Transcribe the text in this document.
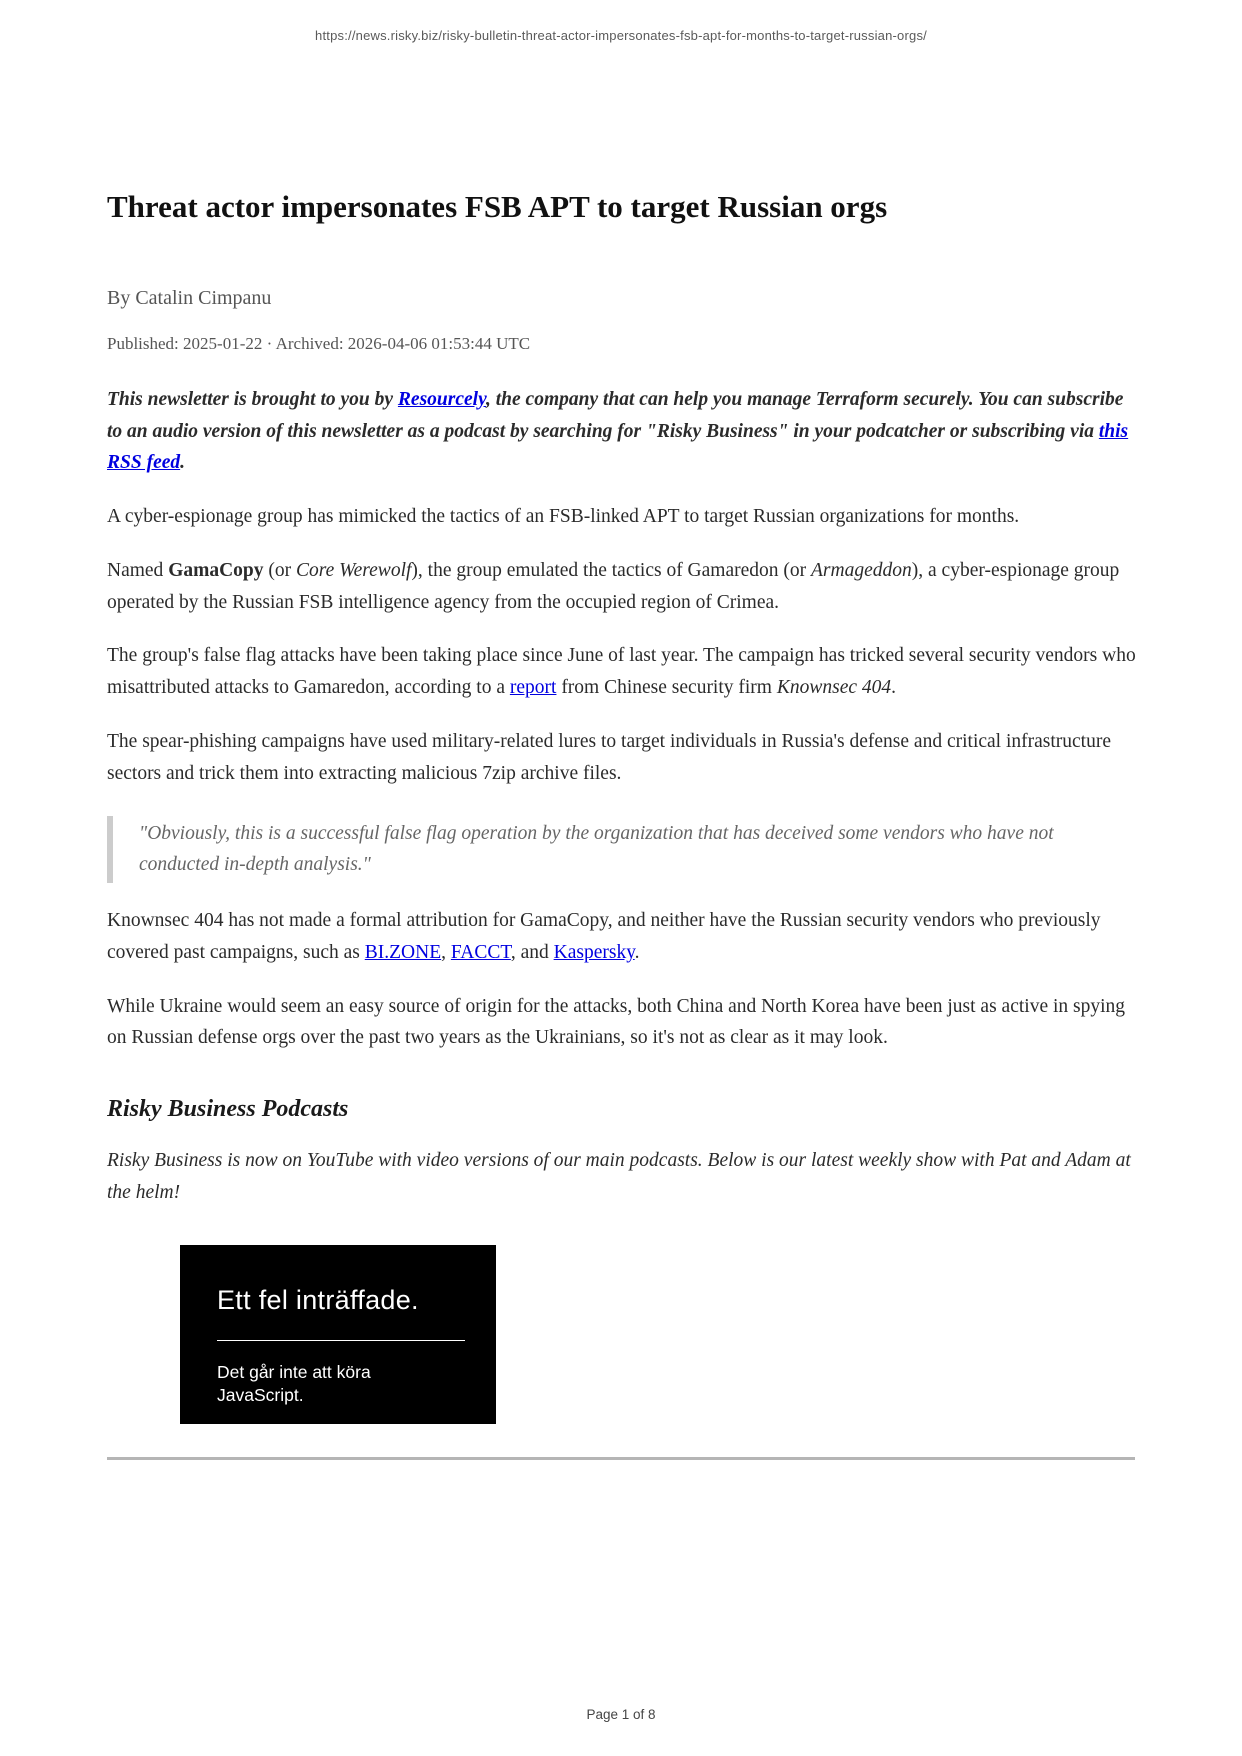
https://news.risky.biz/risky-bulletin-threat-actor-impersonates-fsb-apt-for-months-to-target-russian-orgs/
Threat actor impersonates FSB APT to target Russian orgs
By Catalin Cimpanu
Published: 2025-01-22 · Archived: 2026-04-06 01:53:44 UTC

This newsletter is brought to you by Resourcely, the company that can help you manage Terraform securely. You can subscribe to an audio version of this newsletter as a podcast by searching for "Risky Business" in your podcatcher or subscribing via this RSS feed.

A cyber-espionage group has mimicked the tactics of an FSB-linked APT to target Russian organizations for months.

Named GamaCopy (or Core Werewolf), the group emulated the tactics of Gamaredon (or Armageddon), a cyber-espionage group operated by the Russian FSB intelligence agency from the occupied region of Crimea.

The group's false flag attacks have been taking place since June of last year. The campaign has tricked several security vendors who misattributed attacks to Gamaredon, according to a report from Chinese security firm Knownsec 404.

The spear-phishing campaigns have used military-related lures to target individuals in Russia's defense and critical infrastructure sectors and trick them into extracting malicious 7zip archive files.

"Obviously, this is a successful false flag operation by the organization that has deceived some vendors who have not conducted in-depth analysis."

Knownsec 404 has not made a formal attribution for GamaCopy, and neither have the Russian security vendors who previously covered past campaigns, such as BI.ZONE, FACCT, and Kaspersky.

While Ukraine would seem an easy source of origin for the attacks, both China and North Korea have been just as active in spying on Russian defense orgs over the past two years as the Ukrainians, so it's not as clear as it may look.

Risky Business Podcasts

Risky Business is now on YouTube with video versions of our main podcasts. Below is our latest weekly show with Pat and Adam at the helm!

Ett fel inträffade.
Det går inte att köra JavaScript.
Page 1 of 8
